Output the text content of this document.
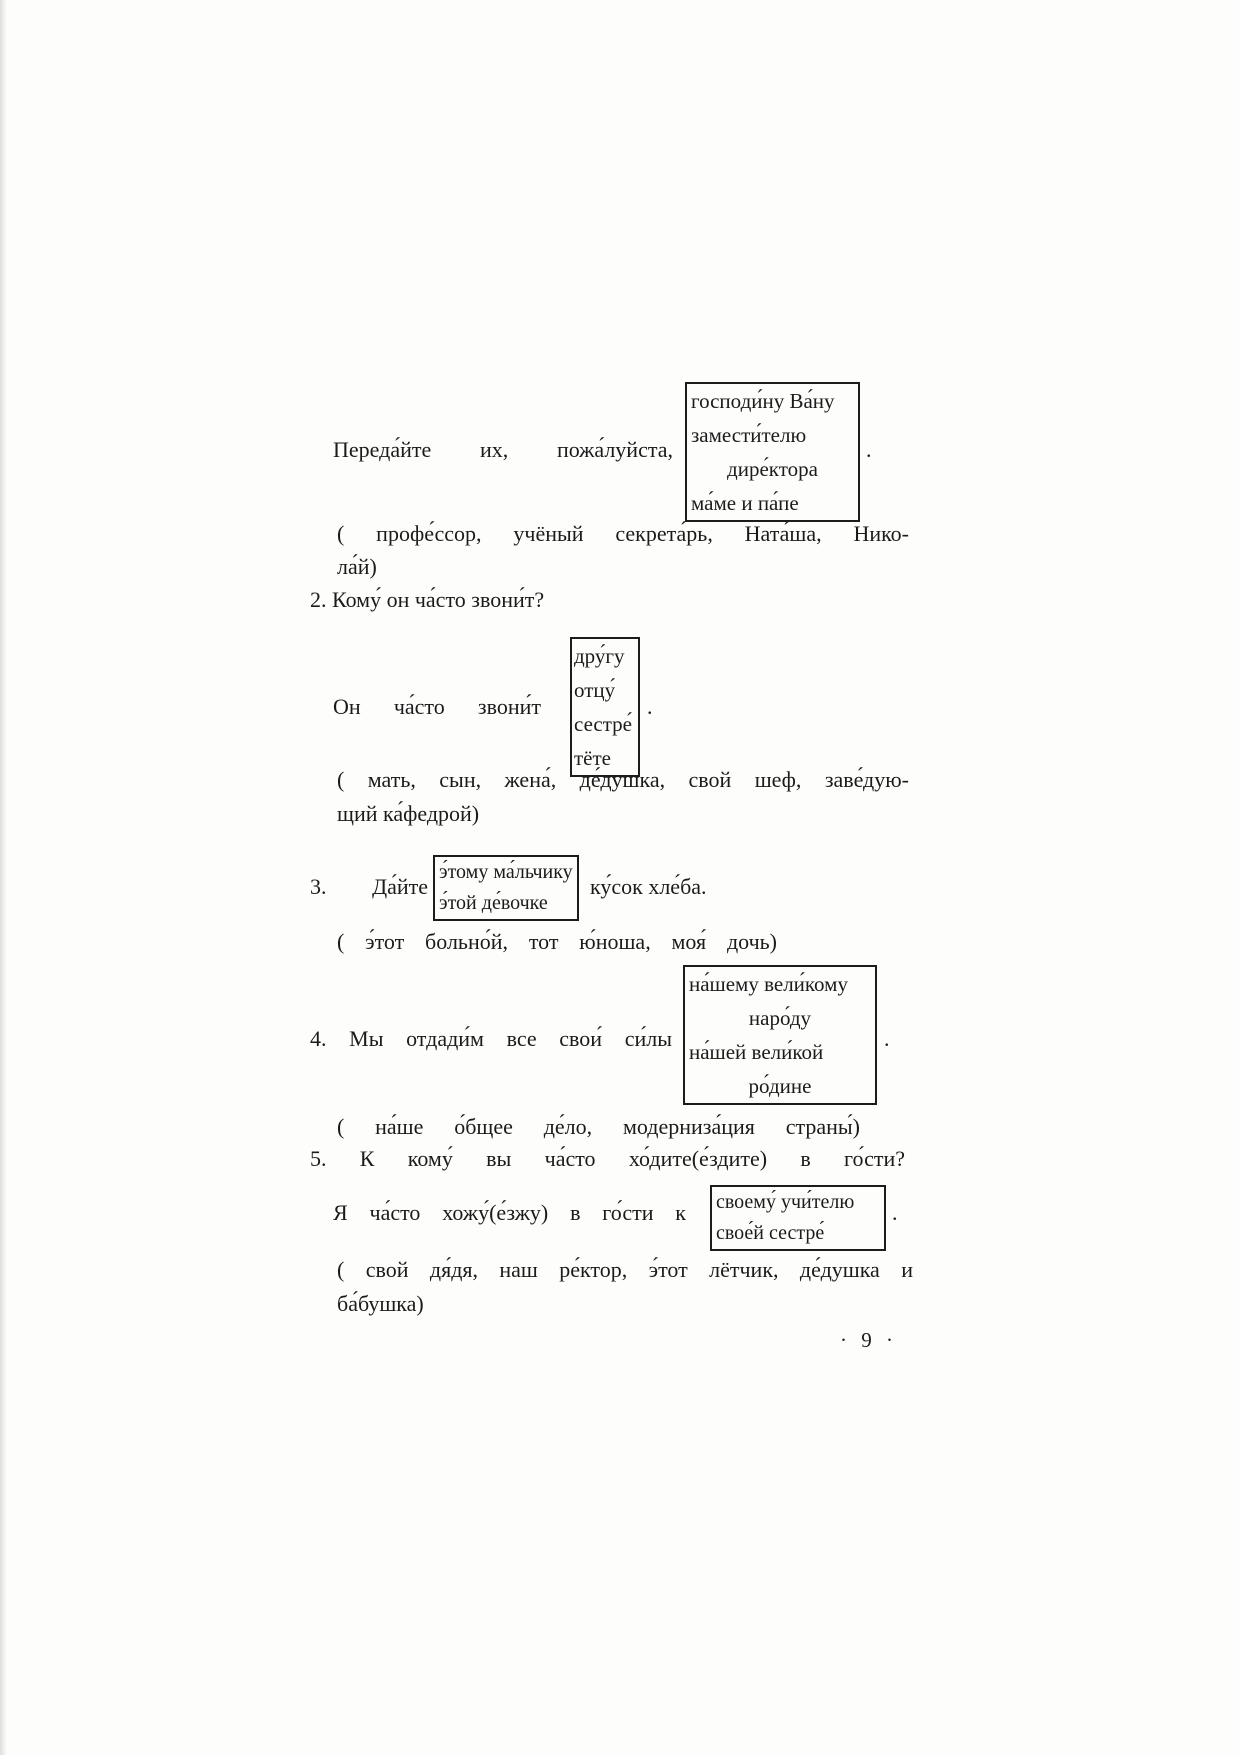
Переда́йте их, пожа́луйста,
господи́ну Ва́ну
замести́телю
дире́ктора
ма́ме и па́пе
.
( профе́ссор, учёный секрета́рь, Ната́ша, Нико-
ла́й)
2. Кому́ он ча́сто звони́т?
Он ча́сто звони́т
дру́гу
отцу́
сестре́
тёте
.
( мать, сын, жена́, де́душка, свой шеф, заве́дую-
щий ка́федрой)
3. Да́йте
э́тому ма́льчику
э́той де́вочке
ку́сок хле́ба.
( э́тот больно́й, тот ю́ноша, моя́ дочь)
4. Мы отдади́м все свои́ си́лы
на́шему вели́кому
наро́ду
на́шей вели́кой
ро́дине
.
( на́ше о́бщее де́ло, модерниза́ция страны́)
5. К кому́ вы ча́сто хо́дите(е́здите) в го́сти?
Я ча́сто хожу́(е́зжу) в го́сти к своему́ учи́телю
свое́й сестре́
.
( свой дя́дя, наш ре́ктор, э́тот лётчик, де́душка и
ба́бушка)
· 9 ·
